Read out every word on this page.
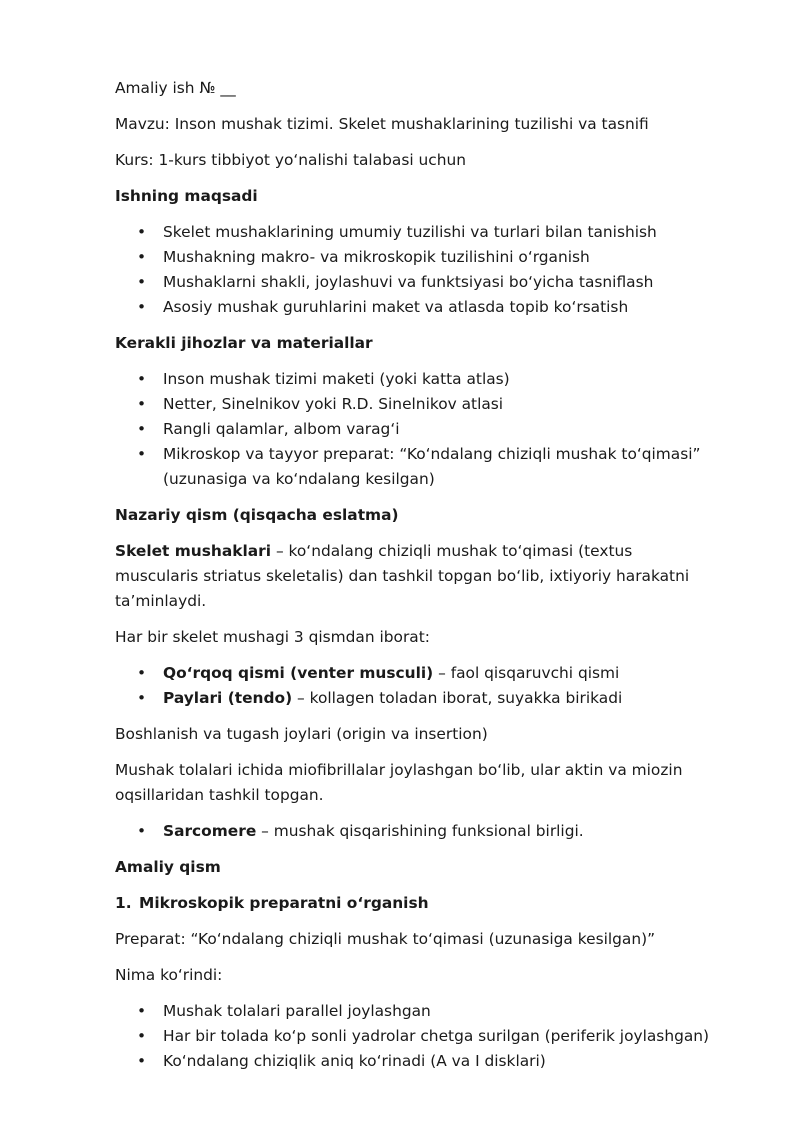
Amaliy ish № __

Mavzu: Inson mushak tizimi. Skelet mushaklarining tuzilishi va tasnifi

Kurs: 1-kurs tibbiyot yo‘nalishi talabasi uchun

Ishning maqsadi

• Skelet mushaklarining umumiy tuzilishi va turlari bilan tanishish
• Mushakning makro- va mikroskopik tuzilishini o‘rganish
• Mushaklarni shakli, joylashuvi va funktsiyasi bo‘yicha tasniflash
• Asosiy mushak guruhlarini maket va atlasda topib ko‘rsatish

Kerakli jihozlar va materiallar

• Inson mushak tizimi maketi (yoki katta atlas)
• Netter, Sinelnikov yoki R.D. Sinelnikov atlasi
• Rangli qalamlar, albom varag‘i
• Mikroskop va tayyor preparat: “Ko‘ndalang chiziqli mushak to‘qimasi” (uzunasiga va ko‘ndalang kesilgan)

Nazariy qism (qisqacha eslatma)

Skelet mushaklari – ko‘ndalang chiziqli mushak to‘qimasi (textus muscularis striatus skeletalis) dan tashkil topgan bo‘lib, ixtiyoriy harakatni ta’minlaydi.

Har bir skelet mushagi 3 qismdan iborat:

• Qo‘rqoq qismi (venter musculi) – faol qisqaruvchi qismi
• Paylari (tendo) – kollagen toladan iborat, suyakka birikadi

Boshlanish va tugash joylari (origin va insertion)

Mushak tolalari ichida miofibrillalar joylashgan bo‘lib, ular aktin va miozin oqsillaridan tashkil topgan.

• Sarcomere – mushak qisqarishining funksional birligi.

Amaliy qism

1. Mikroskopik preparatni o‘rganish

Preparat: “Ko‘ndalang chiziqli mushak to‘qimasi (uzunasiga kesilgan)”

Nima ko‘rindi:

• Mushak tolalari parallel joylashgan
• Har bir tolada ko‘p sonli yadrolar chetga surilgan (periferik joylashgan)
• Ko‘ndalang chiziqlik aniq ko‘rinadi (A va I disklari)
